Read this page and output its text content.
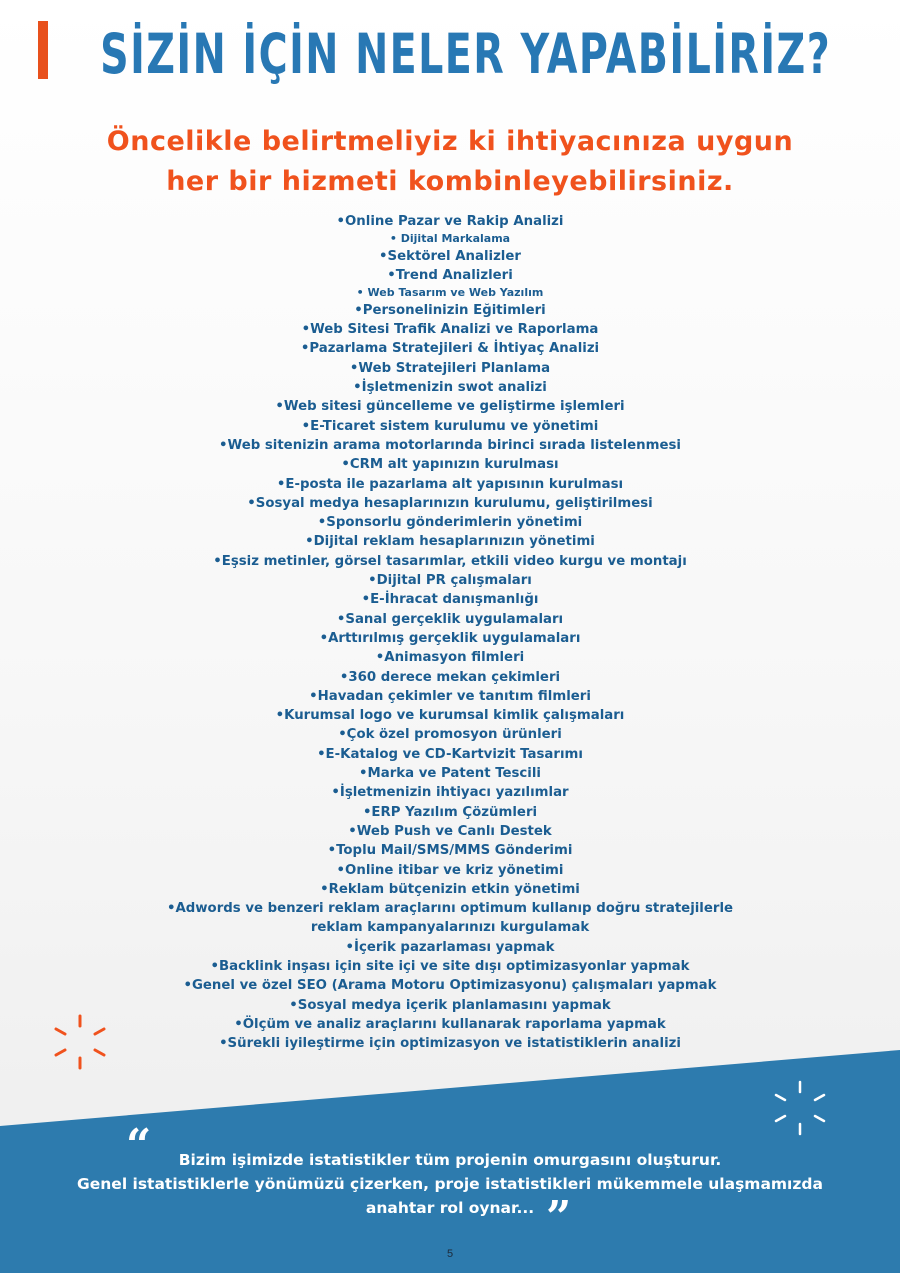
SİZİN İÇİN NELER YAPABİLİRİZ?
Öncelikle belirtmeliyiz ki ihtiyacınıza uygun
her bir hizmeti kombinleyebilirsiniz.
•Online Pazar ve Rakip Analizi
• Dijital Markalama
•Sektörel Analizler
•Trend Analizleri
• Web Tasarım ve Web Yazılım
•Personelinizin Eğitimleri
•Web Sitesi Trafik Analizi ve Raporlama
•Pazarlama Stratejileri & İhtiyaç Analizi
•Web Stratejileri Planlama
•İşletmenizin swot analizi
•Web sitesi güncelleme ve geliştirme işlemleri
•E-Ticaret sistem kurulumu ve yönetimi
•Web sitenizin arama motorlarında birinci sırada listelenmesi
•CRM alt yapınızın kurulması
•E-posta ile pazarlama alt yapısının kurulması
•Sosyal medya hesaplarınızın kurulumu, geliştirilmesi
•Sponsorlu gönderimlerin yönetimi
•Dijital reklam hesaplarınızın yönetimi
•Eşsiz metinler, görsel tasarımlar, etkili video kurgu ve montajı
•Dijital PR çalışmaları
•E-İhracat danışmanlığı
•Sanal gerçeklik uygulamaları
•Arttırılmış gerçeklik uygulamaları
•Animasyon filmleri
•360 derece mekan çekimleri
•Havadan çekimler ve tanıtım filmleri
•Kurumsal logo ve kurumsal kimlik çalışmaları
•Çok özel promosyon ürünleri
•E-Katalog ve CD-Kartvizit Tasarımı
•Marka ve Patent Tescili
•İşletmenizin ihtiyacı yazılımlar
•ERP Yazılım Çözümleri
•Web Push ve Canlı Destek
•Toplu Mail/SMS/MMS Gönderimi
•Online itibar ve kriz yönetimi
•Reklam bütçenizin etkin yönetimi
•Adwords ve benzeri reklam araçlarını optimum kullanıp doğru stratejilerle
reklam kampanyalarınızı kurgulamak
•İçerik pazarlaması yapmak
•Backlink inşası için site içi ve site dışı optimizasyonlar yapmak
•Genel ve özel SEO (Arama Motoru Optimizasyonu) çalışmaları yapmak
•Sosyal medya içerik planlamasını yapmak
•Ölçüm ve analiz araçlarını kullanarak raporlama yapmak
•Sürekli iyileştirme için optimizasyon ve istatistiklerin analizi
“	Bizim işimizde istatistikler tüm projenin omurgasını oluşturur.
Genel istatistiklerle yönümüzü çizerken, proje istatistikleri mükemmele ulaşmamızda
anahtar rol oynar... ”
5
